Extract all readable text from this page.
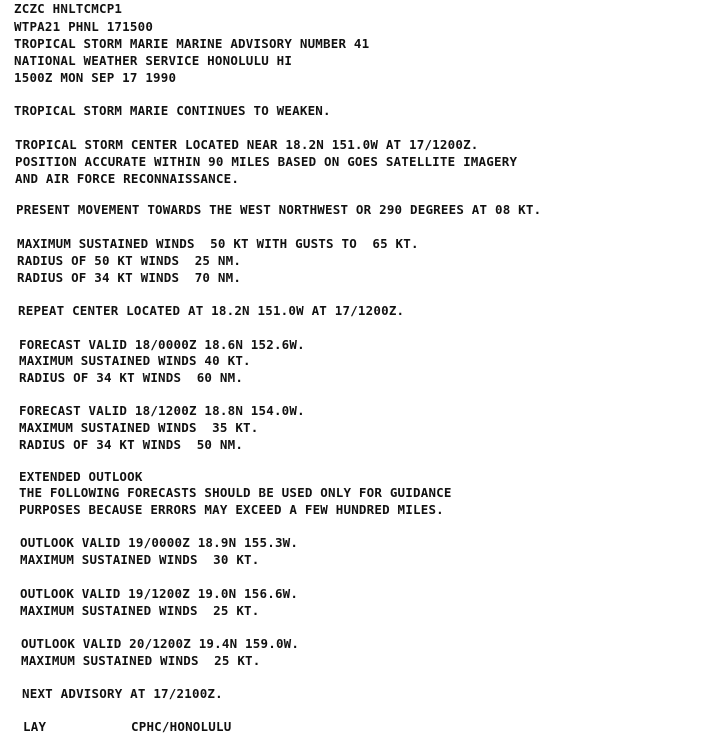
ZCZC HNLTCMCP1

WTPA21 PHNL 171500

TROPICAL STORM MARIE MARINE ADVISORY NUMBER 41

NATIONAL WEATHER SERVICE HONOLULU HI

1500Z MON SEP 17 1990

TROPICAL STORM MARIE CONTINUES TO WEAKEN.

TROPICAL STORM CENTER LOCATED NEAR 18.2N 151.0W AT 17/1200Z.

POSITION ACCURATE WITHIN 90 MILES BASED ON GOES SATELLITE IMAGERY

AND AIR FORCE RECONNAISSANCE.

PRESENT MOVEMENT TOWARDS THE WEST NORTHWEST OR 290 DEGREES AT 08 KT.

MAXIMUM SUSTAINED WINDS  50 KT WITH GUSTS TO  65 KT.

RADIUS OF 50 KT WINDS  25 NM.

RADIUS OF 34 KT WINDS  70 NM.

REPEAT CENTER LOCATED AT 18.2N 151.0W AT 17/1200Z.

FORECAST VALID 18/0000Z 18.6N 152.6W.

MAXIMUM SUSTAINED WINDS 40 KT.

RADIUS OF 34 KT WINDS  60 NM.

FORECAST VALID 18/1200Z 18.8N 154.0W.

MAXIMUM SUSTAINED WINDS  35 KT.

RADIUS OF 34 KT WINDS  50 NM.

EXTENDED OUTLOOK

THE FOLLOWING FORECASTS SHOULD BE USED ONLY FOR GUIDANCE

PURPOSES BECAUSE ERRORS MAY EXCEED A FEW HUNDRED MILES.

OUTLOOK VALID 19/0000Z 18.9N 155.3W.

MAXIMUM SUSTAINED WINDS  30 KT.

OUTLOOK VALID 19/1200Z 19.0N 156.6W.

MAXIMUM SUSTAINED WINDS  25 KT.

OUTLOOK VALID 20/1200Z 19.4N 159.0W.

MAXIMUM SUSTAINED WINDS  25 KT.

NEXT ADVISORY AT 17/2100Z.

LAY	CPHC/HONOLULU
